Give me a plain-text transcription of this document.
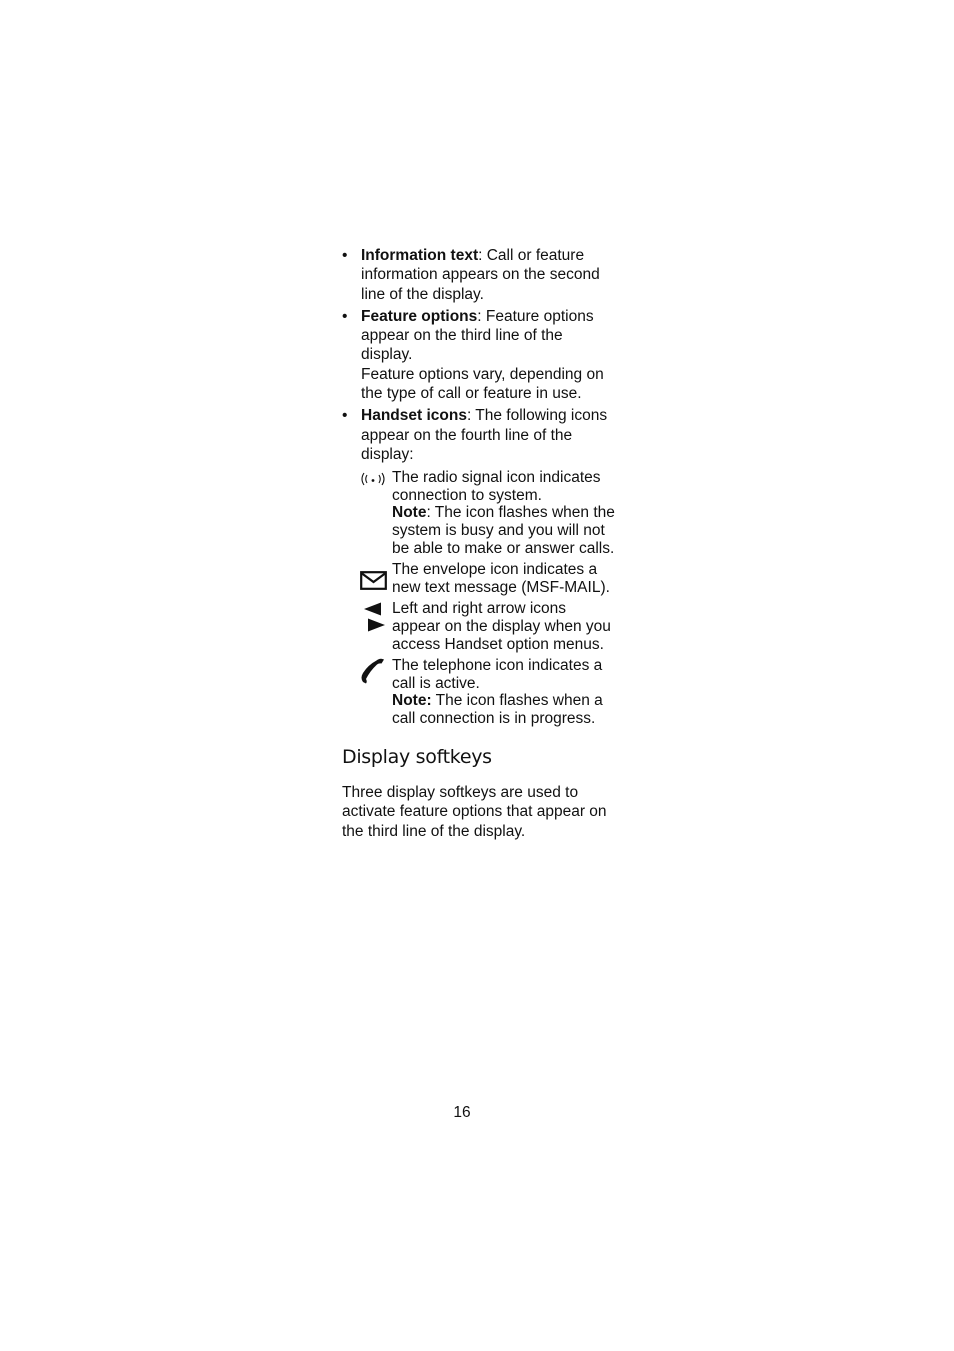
• Information text: Call or feature information appears on the second line of the display.
• Feature options: Feature options appear on the third line of the display.
Feature options vary, depending on the type of call or feature in use.
• Handset icons: The following icons appear on the fourth line of the display:
The radio signal icon indicates connection to system.
Note: The icon flashes when the system is busy and you will not be able to make or answer calls.
The envelope icon indicates a new text message (MSF-MAIL).
Left and right arrow icons appear on the display when you access Handset option menus.
The telephone icon indicates a call is active.
Note: The icon flashes when a call connection is in progress.
Display softkeys
Three display softkeys are used to activate feature options that appear on the third line of the display.
16
